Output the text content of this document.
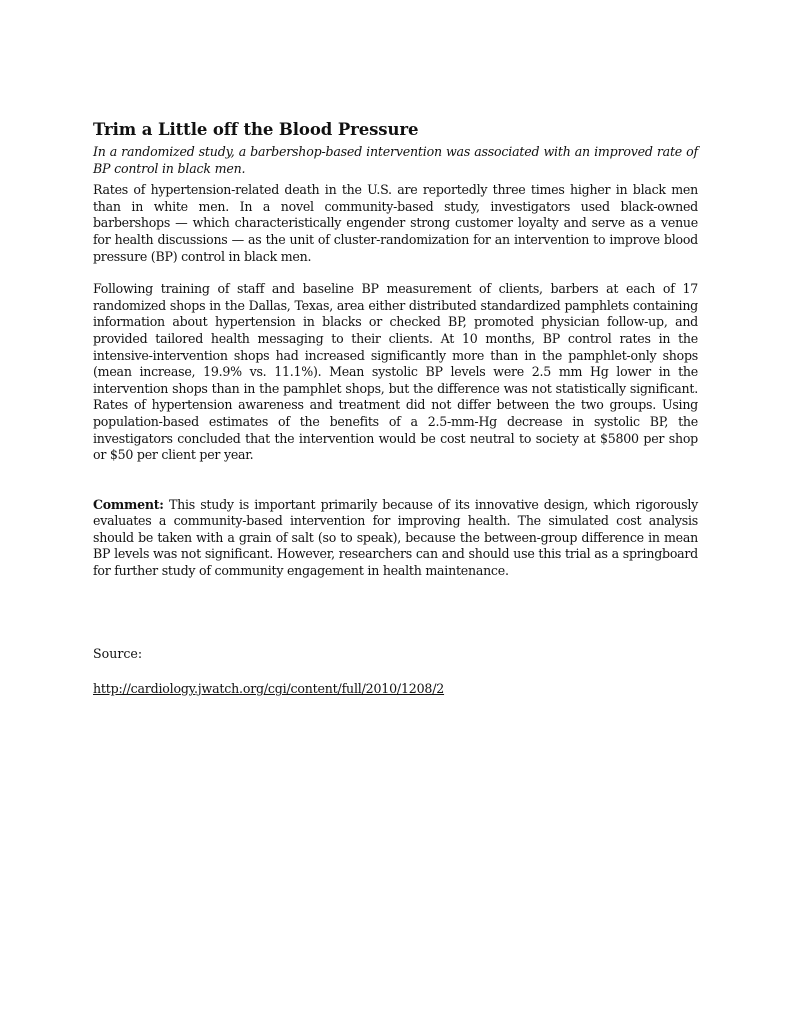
Trim a Little off the Blood Pressure

In a randomized study, a barbershop-based intervention was associated with an improved rate of BP control in black men.

Rates of hypertension-related death in the U.S. are reportedly three times higher in black men than in white men. In a novel community-based study, investigators used black-owned barbershops — which characteristically engender strong customer loyalty and serve as a venue for health discussions — as the unit of cluster-randomization for an intervention to improve blood pressure (BP) control in black men.

Following training of staff and baseline BP measurement of clients, barbers at each of 17 randomized shops in the Dallas, Texas, area either distributed standardized pamphlets containing information about hypertension in blacks or checked BP, promoted physician follow-up, and provided tailored health messaging to their clients. At 10 months, BP control rates in the intensive-intervention shops had increased significantly more than in the pamphlet-only shops (mean increase, 19.9% vs. 11.1%). Mean systolic BP levels were 2.5 mm Hg lower in the intervention shops than in the pamphlet shops, but the difference was not statistically significant. Rates of hypertension awareness and treatment did not differ between the two groups. Using population-based estimates of the benefits of a 2.5-mm-Hg decrease in systolic BP, the investigators concluded that the intervention would be cost neutral to society at $5800 per shop or $50 per client per year.

Comment: This study is important primarily because of its innovative design, which rigorously evaluates a community-based intervention for improving health. The simulated cost analysis should be taken with a grain of salt (so to speak), because the between-group difference in mean BP levels was not significant. However, researchers can and should use this trial as a springboard for further study of community engagement in health maintenance.

Source:

http://cardiology.jwatch.org/cgi/content/full/2010/1208/2
